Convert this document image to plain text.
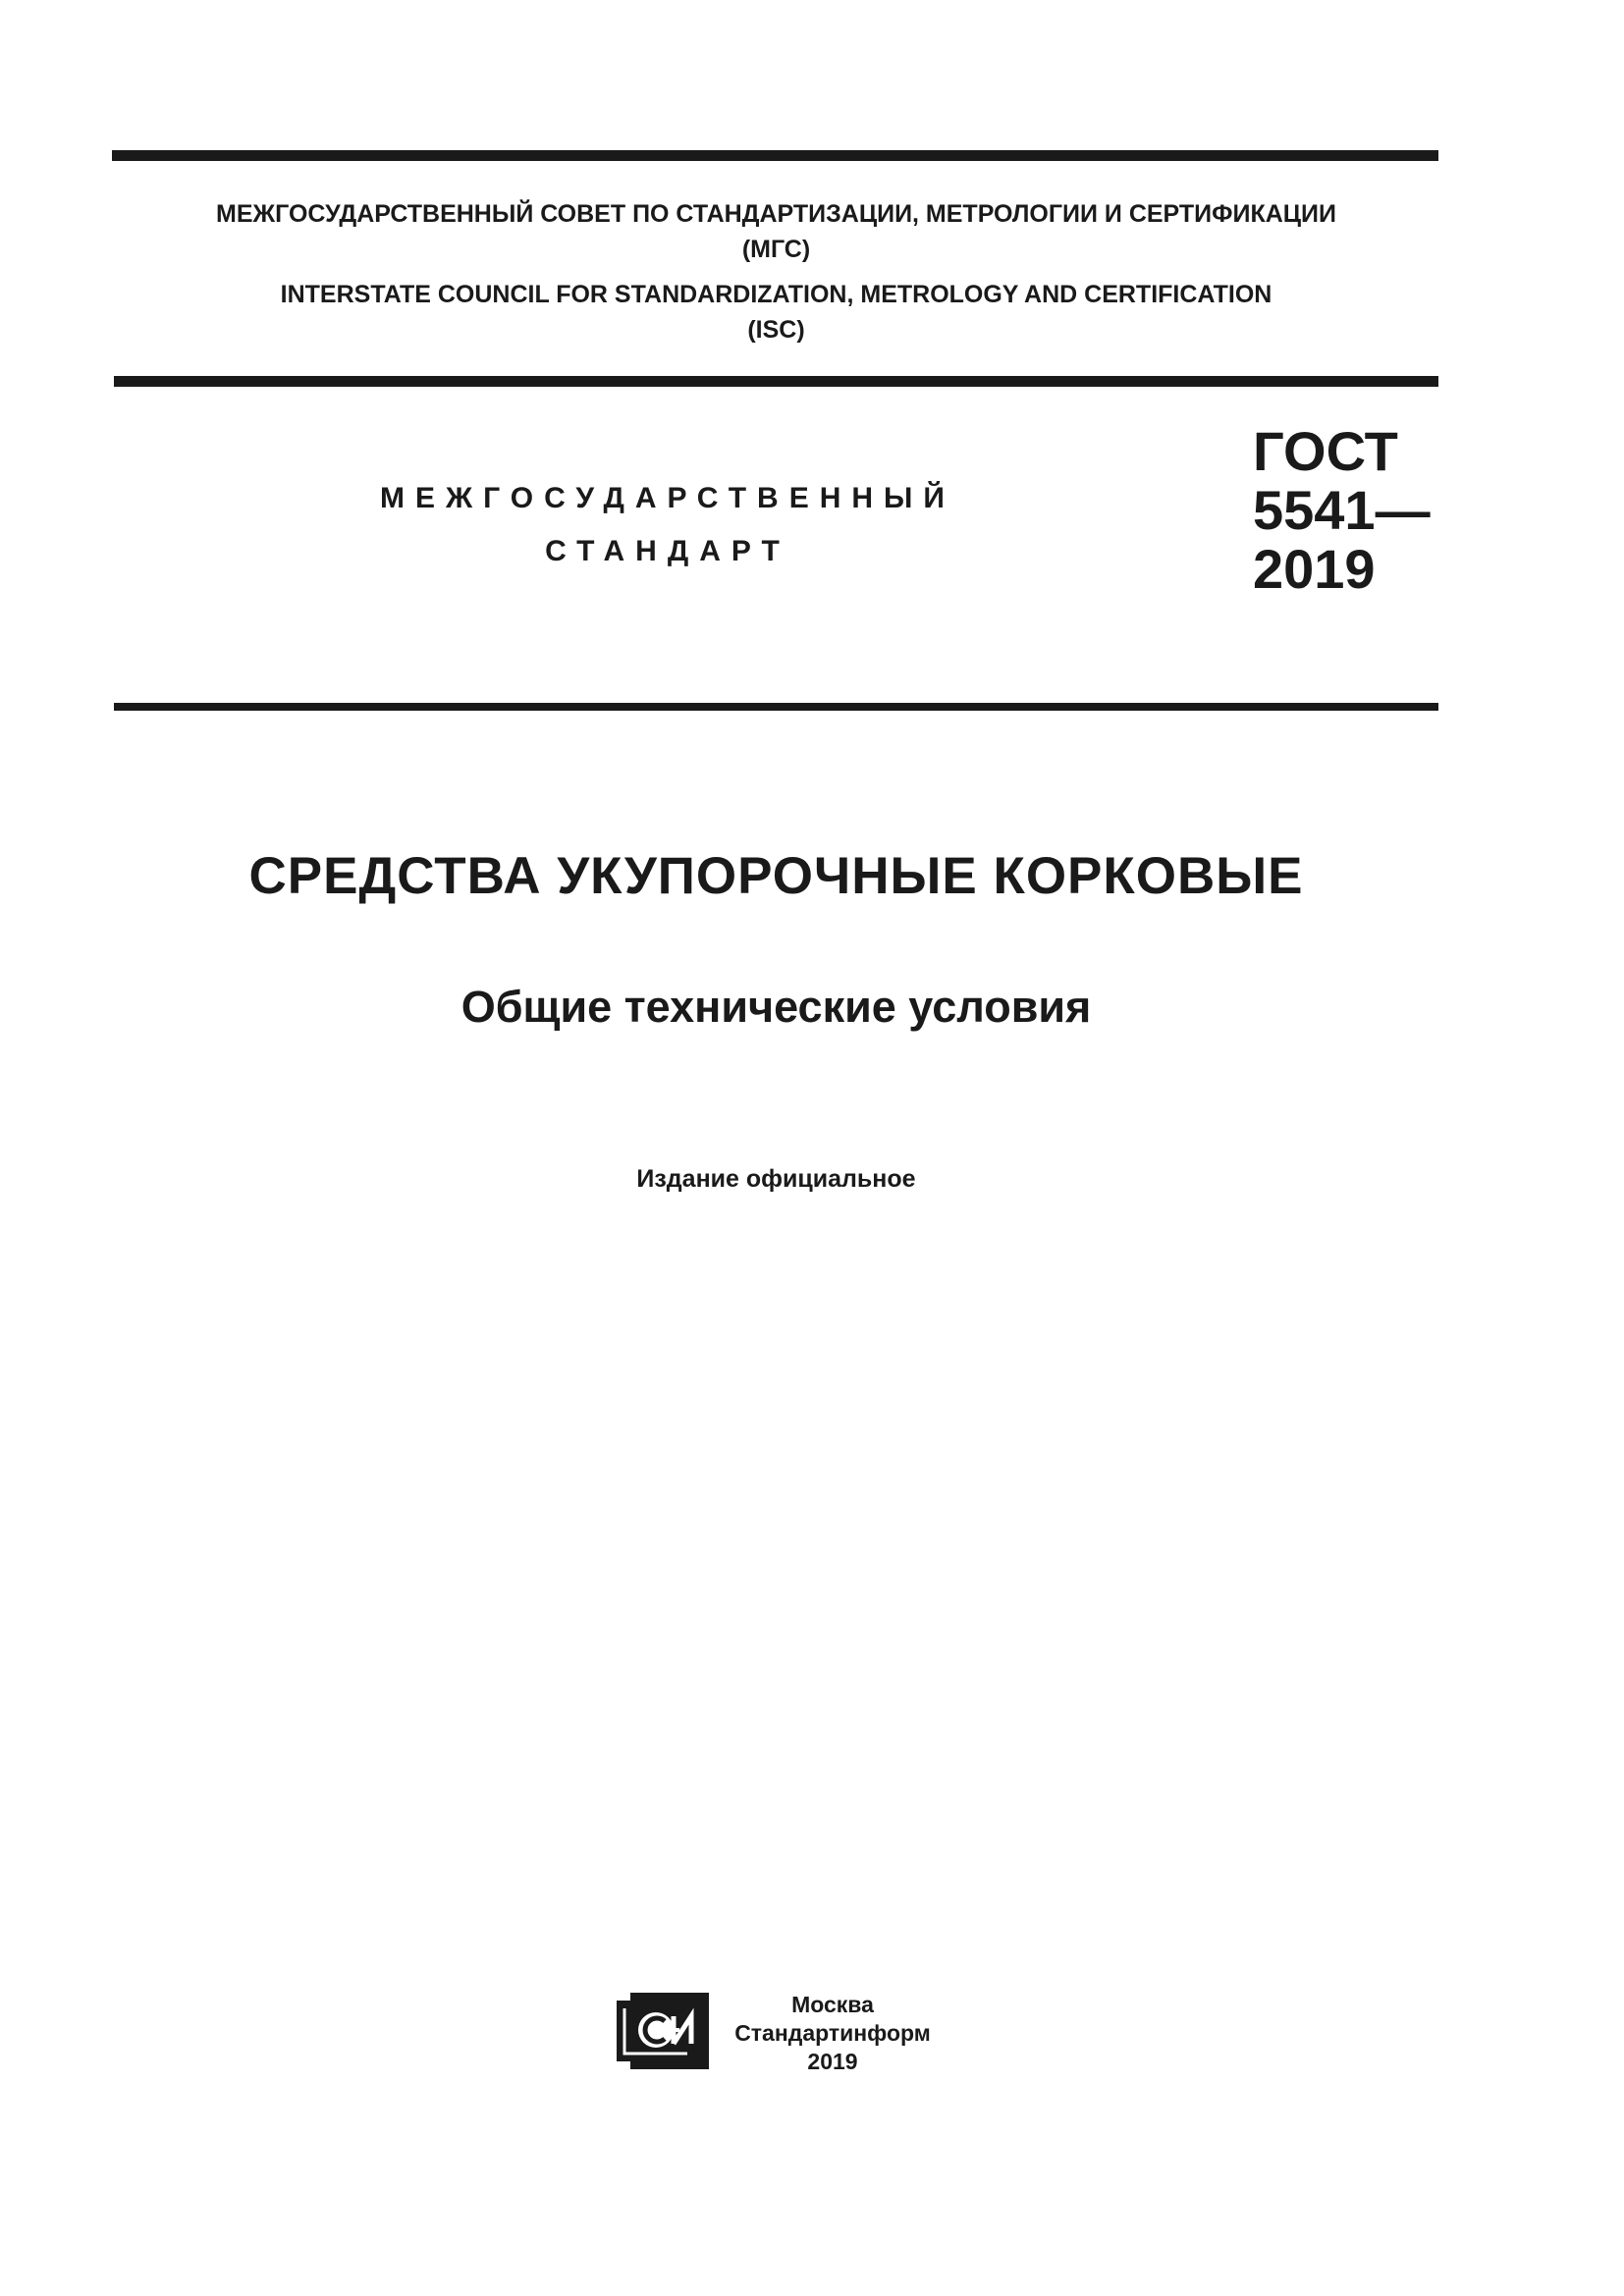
МЕЖГОСУДАРСТВЕННЫЙ СОВЕТ ПО СТАНДАРТИЗАЦИИ, МЕТРОЛОГИИ И СЕРТИФИКАЦИИ
(МГС)
INTERSTATE COUNCIL FOR STANDARDIZATION, METROLOGY AND CERTIFICATION
(ISC)
МЕЖГОСУДАРСТВЕННЫЙ
СТАНДАРТ
ГОСТ
5541—
2019
СРЕДСТВА УКУПОРОЧНЫЕ КОРКОВЫЕ
Общие технические условия
Издание официальное
Москва
Стандартинформ
2019
